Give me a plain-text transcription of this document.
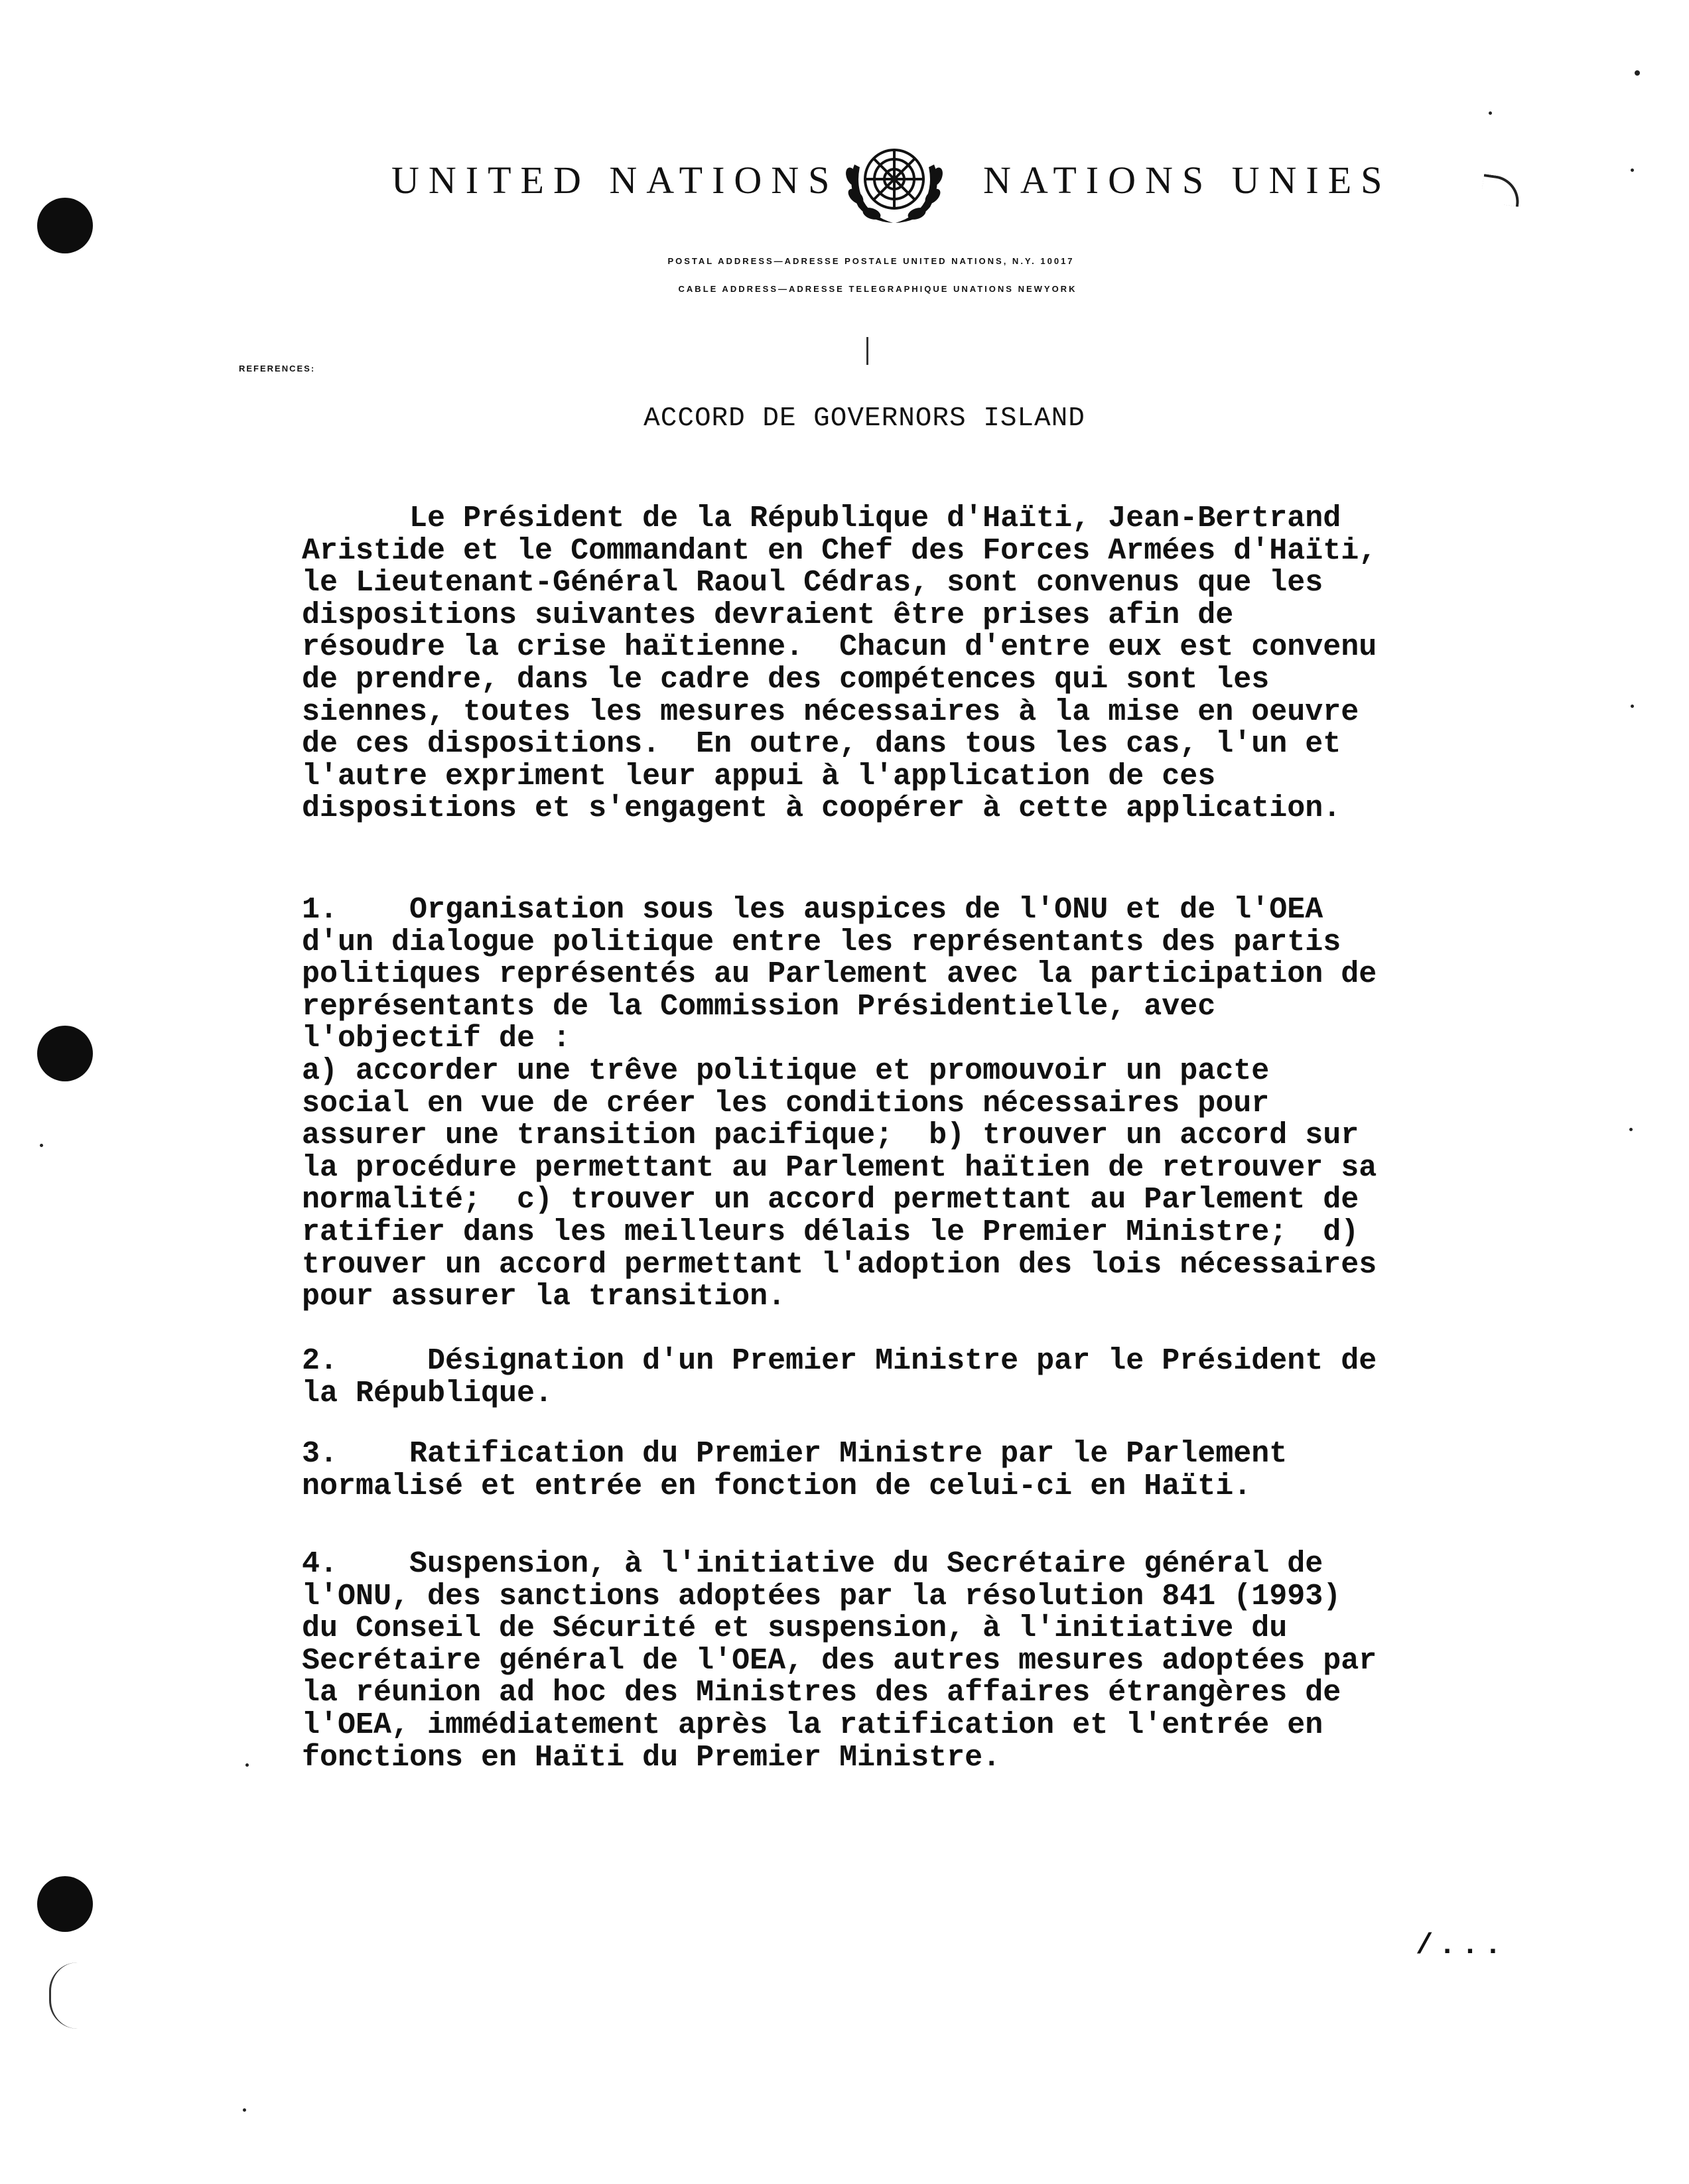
UNITED NATIONS	NATIONS UNIES
POSTAL ADDRESS—ADRESSE POSTALE UNITED NATIONS, N.Y. 10017
CABLE ADDRESS—ADRESSE TELEGRAPHIQUE UNATIONS NEWYORK
REFERENCES:
ACCORD DE GOVERNORS ISLAND
Le Président de la République d'Haïti, Jean-Bertrand
Aristide et le Commandant en Chef des Forces Armées d'Haïti,
le Lieutenant-Général Raoul Cédras, sont convenus que les
dispositions suivantes devraient être prises afin de
résoudre la crise haïtienne.  Chacun d'entre eux est convenu
de prendre, dans le cadre des compétences qui sont les
siennes, toutes les mesures nécessaires à la mise en oeuvre
de ces dispositions.  En outre, dans tous les cas, l'un et
l'autre expriment leur appui à l'application de ces
dispositions et s'engagent à coopérer à cette application.
1.    Organisation sous les auspices de l'ONU et de l'OEA
d'un dialogue politique entre les représentants des partis
politiques représentés au Parlement avec la participation de
représentants de la Commission Présidentielle, avec
l'objectif de :
a) accorder une trêve politique et promouvoir un pacte
social en vue de créer les conditions nécessaires pour
assurer une transition pacifique;  b) trouver un accord sur
la procédure permettant au Parlement haïtien de retrouver sa
normalité;  c) trouver un accord permettant au Parlement de
ratifier dans les meilleurs délais le Premier Ministre;  d)
trouver un accord permettant l'adoption des lois nécessaires
pour assurer la transition.
2.     Désignation d'un Premier Ministre par le Président de
la République.
3.    Ratification du Premier Ministre par le Parlement
normalisé et entrée en fonction de celui-ci en Haïti.
4.    Suspension, à l'initiative du Secrétaire général de
l'ONU, des sanctions adoptées par la résolution 841 (1993)
du Conseil de Sécurité et suspension, à l'initiative du
Secrétaire général de l'OEA, des autres mesures adoptées par
la réunion ad hoc des Ministres des affaires étrangères de
l'OEA, immédiatement après la ratification et l'entrée en
fonctions en Haïti du Premier Ministre.
/...
